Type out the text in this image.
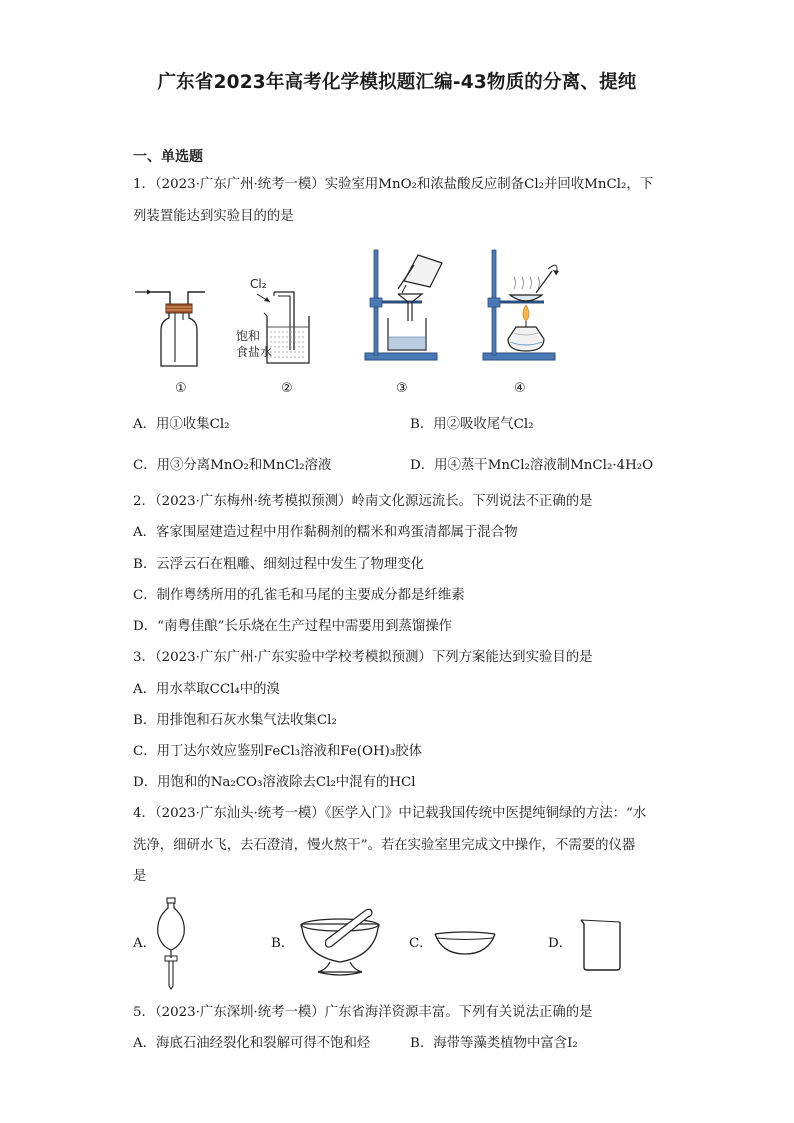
广东省2023年高考化学模拟题汇编-43物质的分离、提纯
一、单选题
1．（2023·广东广州·统考一模）实验室用MnO₂和浓盐酸反应制备Cl₂并回收MnCl₂，下
列装置能达到实验目的的是
①
Cl₂
饱和
食盐水
②	③	④
A．用①收集Cl₂	B．用②吸收尾气Cl₂
C．用③分离MnO₂和MnCl₂溶液	D．用④蒸干MnCl₂溶液制MnCl₂·4H₂O
2．（2023·广东梅州·统考模拟预测）岭南文化源远流长。下列说法不正确的是
A．客家围屋建造过程中用作黏稠剂的糯米和鸡蛋清都属于混合物
B．云浮云石在粗雕、细刻过程中发生了物理变化
C．制作粤绣所用的孔雀毛和马尾的主要成分都是纤维素
D．“南粤佳酿”长乐烧在生产过程中需要用到蒸馏操作
3．（2023·广东广州·广东实验中学校考模拟预测）下列方案能达到实验目的是
A．用水萃取CCl₄中的溴
B．用排饱和石灰水集气法收集Cl₂
C．用丁达尔效应鉴别FeCl₃溶液和Fe(OH)₃胶体
D．用饱和的Na₂CO₃溶液除去Cl₂中混有的HCl
4．（2023·广东汕头·统考一模）《医学入门》中记载我国传统中医提纯铜绿的方法：“水
洗净，细研水飞，去石澄清，慢火熬干”。若在实验室里完成文中操作，不需要的仪器
是
A．	B．	C．	D．
5．（2023·广东深圳·统考一模）广东省海洋资源丰富。下列有关说法正确的是
A．海底石油经裂化和裂解可得不饱和烃	B．海带等藻类植物中富含I₂
